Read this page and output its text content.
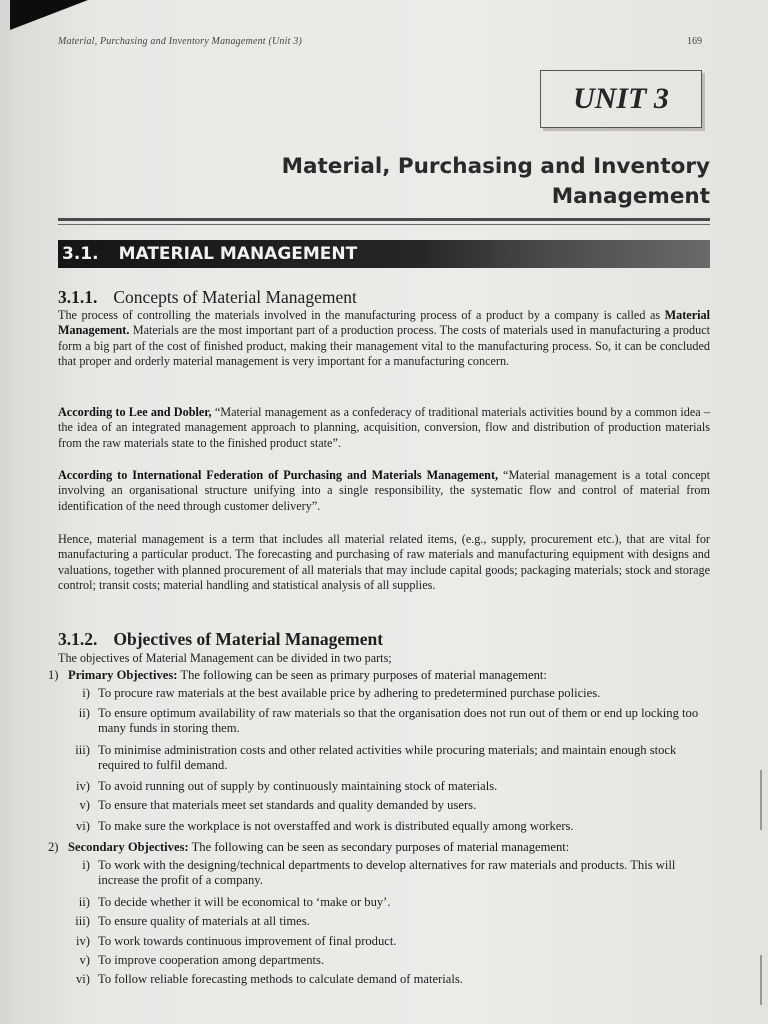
Material, Purchasing and Inventory Management (Unit 3)	169
UNIT 3
Material, Purchasing and Inventory
Management
3.1. MATERIAL MANAGEMENT
3.1.1. Concepts of Material Management
The process of controlling the materials involved in the manufacturing process of a product by a company is called as Material Management. Materials are the most important part of a production process. The costs of materials used in manufacturing a product form a big part of the cost of finished product, making their management vital to the manufacturing process. So, it can be concluded that proper and orderly material management is very important for a manufacturing concern.
According to Lee and Dobler, “Material management as a confederacy of traditional materials activities bound by a common idea – the idea of an integrated management approach to planning, acquisition, conversion, flow and distribution of production materials from the raw materials state to the finished product state”.
According to International Federation of Purchasing and Materials Management, “Material management is a total concept involving an organisational structure unifying into a single responsibility, the systematic flow and control of material from identification of the need through customer delivery”.
Hence, material management is a term that includes all material related items, (e.g., supply, procurement etc.), that are vital for manufacturing a particular product. The forecasting and purchasing of raw materials and manufacturing equipment with designs and valuations, together with planned procurement of all materials that may include capital goods; packaging materials; stock and storage control; transit costs; material handling and statistical analysis of all supplies.
3.1.2. Objectives of Material Management
The objectives of Material Management can be divided in two parts;
1) Primary Objectives: The following can be seen as primary purposes of material management:
i) To procure raw materials at the best available price by adhering to predetermined purchase policies.
ii) To ensure optimum availability of raw materials so that the organisation does not run out of them or end up locking too many funds in storing them.
iii) To minimise administration costs and other related activities while procuring materials; and maintain enough stock required to fulfil demand.
iv) To avoid running out of supply by continuously maintaining stock of materials.
v) To ensure that materials meet set standards and quality demanded by users.
vi) To make sure the workplace is not overstaffed and work is distributed equally among workers.
2) Secondary Objectives: The following can be seen as secondary purposes of material management:
i) To work with the designing/technical departments to develop alternatives for raw materials and products. This will increase the profit of a company.
ii) To decide whether it will be economical to ‘make or buy’.
iii) To ensure quality of materials at all times.
iv) To work towards continuous improvement of final product.
v) To improve cooperation among departments.
vi) To follow reliable forecasting methods to calculate demand of materials.
